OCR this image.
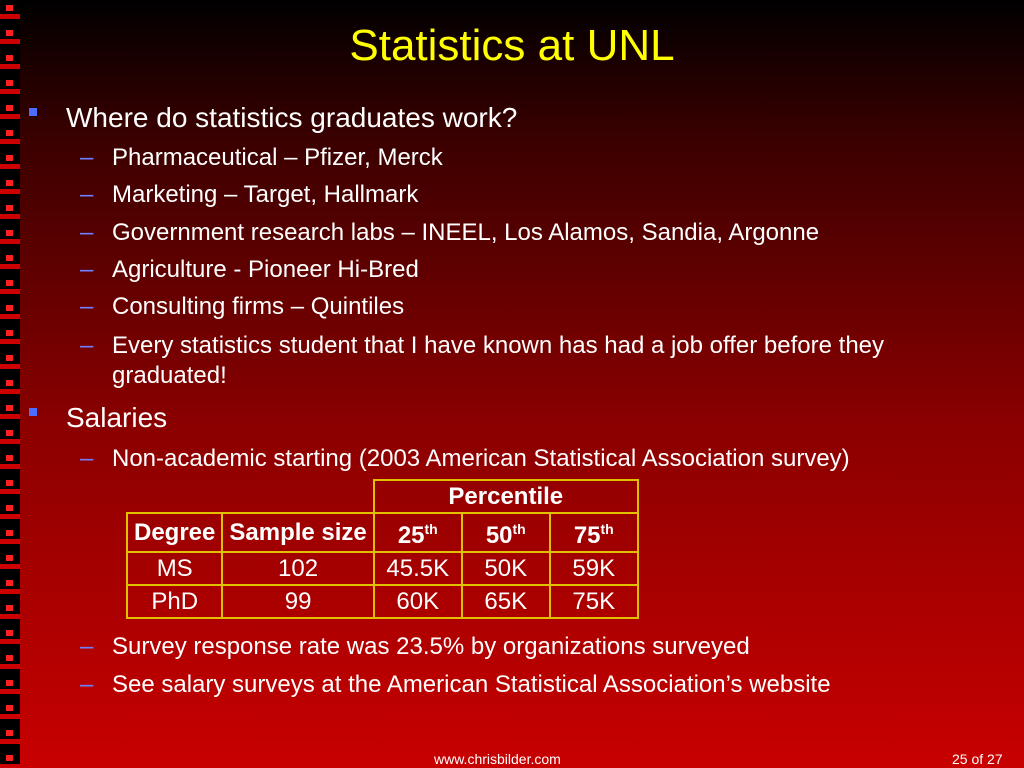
Statistics at UNL
Where do statistics graduates work?
– Pharmaceutical – Pfizer, Merck
– Marketing – Target, Hallmark
– Government research labs – INEEL, Los Alamos, Sandia, Argonne
– Agriculture - Pioneer Hi-Bred
– Consulting firms – Quintiles
– Every statistics student that I have known has had a job offer before they graduated!
Salaries
– Non-academic starting (2003 American Statistical Association survey)
		Percentile		
Degree	Sample size	25th	50th	75th
MS	102	45.5K	50K	59K
PhD	99	60K	65K	75K
– Survey response rate was 23.5% by organizations surveyed
– See salary surveys at the American Statistical Association’s website
www.chrisbilder.com	25 of 27
